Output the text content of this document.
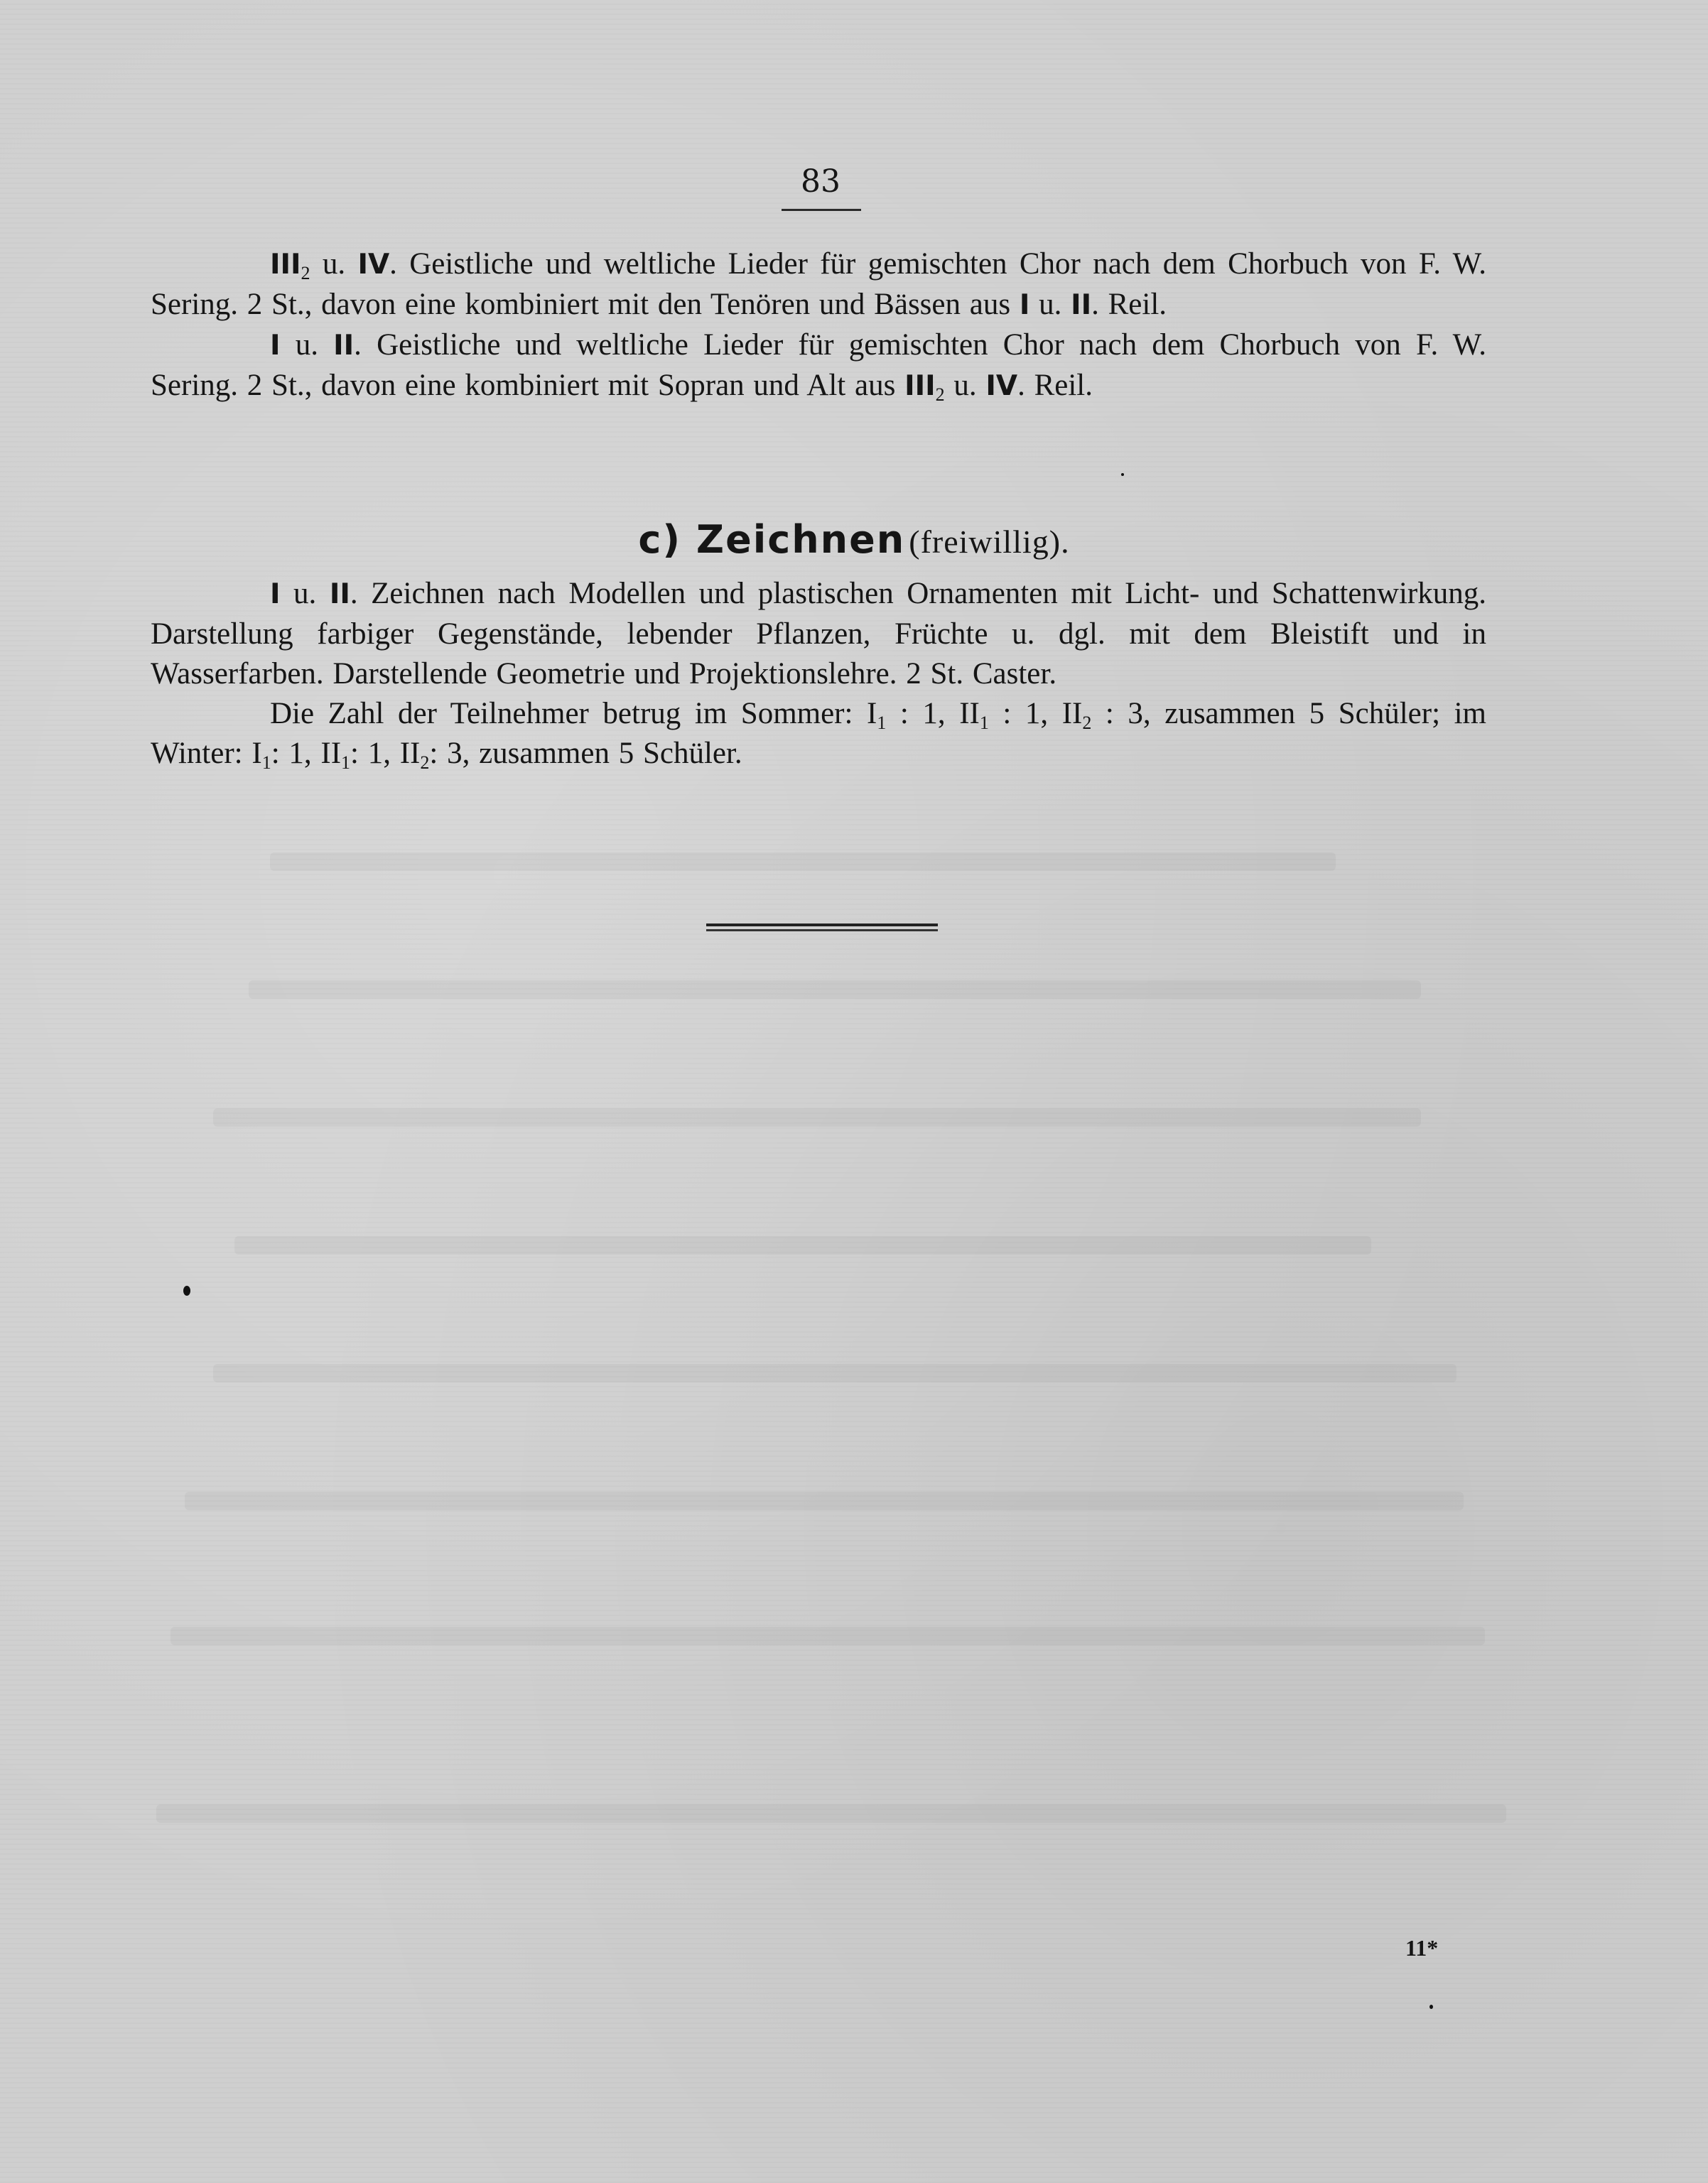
83

$III_2$ u. IV. Geistliche und weltliche Lieder für gemischten Chor nach dem Chorbuch von F. W. Sering. 2 St., davon eine kombiniert mit den Tenören und Bässen aus I u. II. Reil.

I u. II. Geistliche und weltliche Lieder für gemischten Chor nach dem Chorbuch von F. W. Sering. 2 St., davon eine kombiniert mit Sopran und Alt aus $III_2$ u. IV. Reil.

c) Zeichnen (freiwillig).

I u. II. Zeichnen nach Modellen und plastischen Ornamenten mit Licht- und Schattenwirkung. Darstellung farbiger Gegenstände, lebender Pflanzen, Früchte u. dgl. mit dem Bleistift und in Wasserfarben. Darstellende Geometrie und Projektionslehre. 2 St. Caster.

Die Zahl der Teilnehmer betrug im Sommer: $I_1$ : 1, $II_1$ : 1, $II_2$ : 3, zusammen 5 Schüler; im Winter: $I_1$: 1, $II_1$: 1, $II_2$: 3, zusammen 5 Schüler.

11*
